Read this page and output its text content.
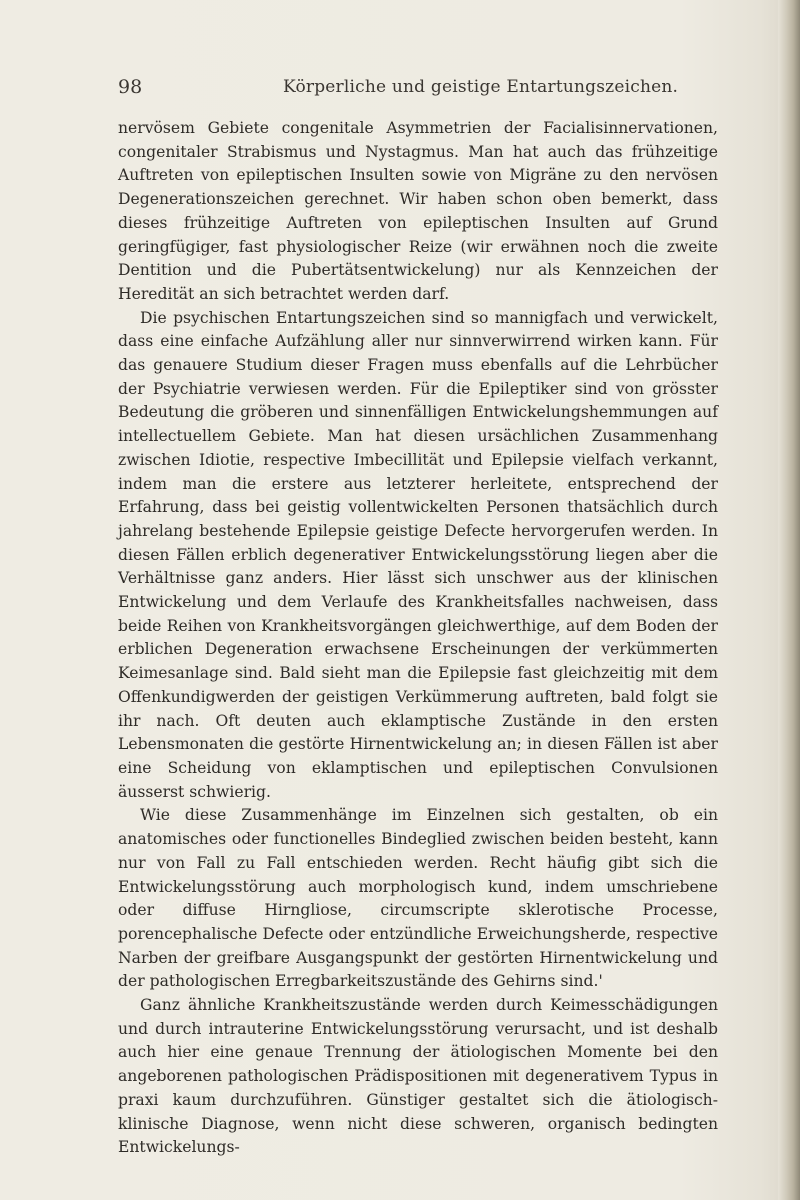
98	Körperliche und geistige Entartungszeichen.

nervösem Gebiete congenitale Asymmetrien der Facialisinnervationen, congenitaler Strabismus und Nystagmus. Man hat auch das frühzeitige Auftreten von epileptischen Insulten sowie von Migräne zu den nervösen Degenerationszeichen gerechnet. Wir haben schon oben bemerkt, dass dieses frühzeitige Auftreten von epileptischen Insulten auf Grund geringfügiger, fast physiologischer Reize (wir erwähnen noch die zweite Dentition und die Pubertätsentwickelung) nur als Kennzeichen der Heredität an sich betrachtet werden darf.

Die psychischen Entartungszeichen sind so mannigfach und verwickelt, dass eine einfache Aufzählung aller nur sinnverwirrend wirken kann. Für das genauere Studium dieser Fragen muss ebenfalls auf die Lehrbücher der Psychiatrie verwiesen werden. Für die Epileptiker sind von grösster Bedeutung die gröberen und sinnenfälligen Entwickelungshemmungen auf intellectuellem Gebiete. Man hat diesen ursächlichen Zusammenhang zwischen Idiotie, respective Imbecillität und Epilepsie vielfach verkannt, indem man die erstere aus letzterer herleitete, entsprechend der Erfahrung, dass bei geistig vollentwickelten Personen thatsächlich durch jahrelang bestehende Epilepsie geistige Defecte hervorgerufen werden. In diesen Fällen erblich degenerativer Entwickelungsstörung liegen aber die Verhältnisse ganz anders. Hier lässt sich unschwer aus der klinischen Entwickelung und dem Verlaufe des Krankheitsfalles nachweisen, dass beide Reihen von Krankheitsvorgängen gleichwerthige, auf dem Boden der erblichen Degeneration erwachsene Erscheinungen der verkümmerten Keimesanlage sind. Bald sieht man die Epilepsie fast gleichzeitig mit dem Offenkundigwerden der geistigen Verkümmerung auftreten, bald folgt sie ihr nach. Oft deuten auch eklamptische Zustände in den ersten Lebensmonaten die gestörte Hirnentwickelung an; in diesen Fällen ist aber eine Scheidung von eklamptischen und epileptischen Convulsionen äusserst schwierig.

Wie diese Zusammenhänge im Einzelnen sich gestalten, ob ein anatomisches oder functionelles Bindeglied zwischen beiden besteht, kann nur von Fall zu Fall entschieden werden. Recht häufig gibt sich die Entwickelungsstörung auch morphologisch kund, indem umschriebene oder diffuse Hirngliose, circumscripte sklerotische Processe, porencephalische Defecte oder entzündliche Erweichungsherde, respective Narben der greifbare Ausgangspunkt der gestörten Hirnentwickelung und der pathologischen Erregbarkeitszustände des Gehirns sind.'

Ganz ähnliche Krankheitszustände werden durch Keimesschädigungen und durch intrauterine Entwickelungsstörung verursacht, und ist deshalb auch hier eine genaue Trennung der ätiologischen Momente bei den angeborenen pathologischen Prädispositionen mit degenerativem Typus in praxi kaum durchzuführen. Günstiger gestaltet sich die ätiologisch-klinische Diagnose, wenn nicht diese schweren, organisch bedingten Entwickelungs-
